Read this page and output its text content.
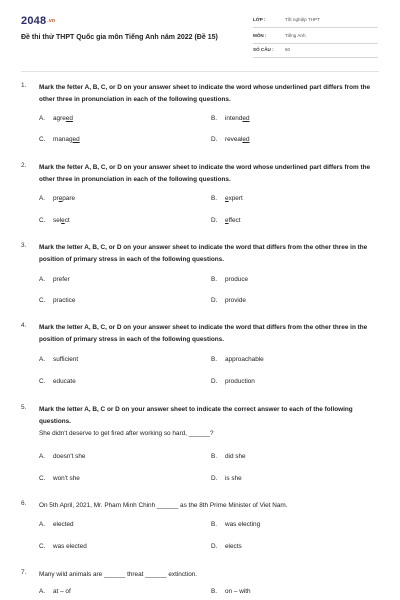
2048.vn
Đề thi thử THPT Quốc gia môn Tiếng Anh năm 2022 (Đề 15)
LỚP :	Tốt nghiệp THPT
MÔN :	Tiếng Anh
SỐ CÂU : 50
1. Mark the fetter A, B, C, or D on your answer sheet to indicate the word whose underlined part differs from the other three in pronunciation in each of the following questions.
A. agreed	B. intended
C. managed	D. revealed
2. Mark the fetter A, B, C, or D on your answer sheet to indicate the word whose underlined part differs from the other three in pronunciation in each of the following questions.
A. prepare	B. expert
C. select	D. effect
3. Mark the letter A, B, C, or D on your answer sheet to indicate the word that differs from the other three in the position of primary stress in each of the following questions.
A. prefer	B. produce
C. practice	D. provide
4. Mark the letter A, B, C, or D on your answer sheet to indicate the word that differs from the other three in the position of primary stress in each of the following questions.
A. sufficient	B. approachable
C. educate	D. production
5. Mark the letter A, B, C or D on your answer sheet to indicate the correct answer to each of the following questions.
She didn't deserve to get fired after working so hard, ______?
A. doesn't she	B. did she
C. won't she	D. is she
6. On 5th April, 2021, Mr. Pham Minh Chinh ______ as the 8th Prime Minister of Viet Nam.
A. elected	B. was electing
C. was elected	D. elects
7. Many wild animals are ______ threat ______ extinction.
A. at – of	B. on – with
